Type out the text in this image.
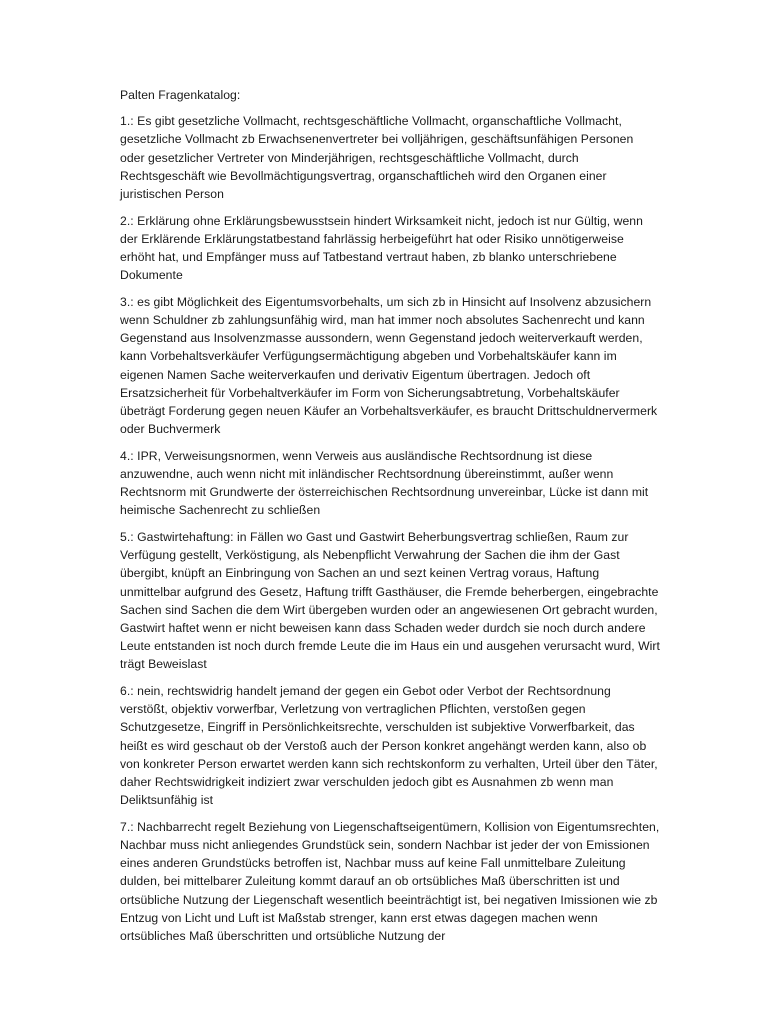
Palten Fragenkatalog:
1.: Es gibt gesetzliche Vollmacht, rechtsgeschäftliche Vollmacht, organschaftliche Vollmacht, gesetzliche Vollmacht zb Erwachsenenvertreter bei volljährigen, geschäftsunfähigen Personen oder gesetzlicher Vertreter von Minderjährigen, rechtsgeschäftliche Vollmacht, durch Rechtsgeschäft wie Bevollmächtigungsvertrag, organschaftlicheh wird den Organen einer juristischen Person
2.: Erklärung ohne Erklärungsbewusstsein hindert Wirksamkeit nicht, jedoch ist nur Gültig, wenn der Erklärende Erklärungstatbestand fahrlässig herbeigeführt hat oder Risiko unnötigerweise erhöht hat, und Empfänger muss auf Tatbestand vertraut haben, zb blanko unterschriebene Dokumente
3.: es gibt Möglichkeit des Eigentumsvorbehalts, um sich zb in Hinsicht auf Insolvenz abzusichern wenn Schuldner zb zahlungsunfähig wird, man hat immer noch absolutes Sachenrecht und kann Gegenstand aus Insolvenzmasse aussondern, wenn Gegenstand jedoch weiterverkauft werden, kann Vorbehaltsverkäufer Verfügungsermächtigung abgeben und Vorbehaltskäufer kann im eigenen Namen Sache weiterverkaufen und derivativ Eigentum übertragen. Jedoch oft Ersatzsicherheit für Vorbehaltverkäufer im Form von Sicherungsabtretung, Vorbehaltskäufer übeträgt Forderung gegen neuen Käufer an Vorbehaltsverkäufer, es braucht Drittschuldnervermerk oder Buchvermerk
4.: IPR, Verweisungsnormen, wenn Verweis aus ausländische Rechtsordnung ist diese anzuwendne, auch wenn nicht mit inländischer Rechtsordnung übereinstimmt, außer wenn Rechtsnorm mit Grundwerte der österreichischen Rechtsordnung unvereinbar, Lücke ist dann mit heimische Sachenrecht zu schließen
5.: Gastwirtehaftung: in Fällen wo Gast und Gastwirt Beherbungsvertrag schließen, Raum zur Verfügung gestellt, Verköstigung, als Nebenpflicht Verwahrung der Sachen die ihm der Gast übergibt, knüpft an Einbringung von Sachen an und sezt keinen Vertrag voraus, Haftung unmittelbar aufgrund des Gesetz, Haftung trifft Gasthäuser, die Fremde beherbergen, eingebrachte Sachen sind Sachen die dem Wirt übergeben wurden oder an angewiesenen Ort gebracht wurden, Gastwirt haftet wenn er nicht beweisen kann dass Schaden weder durdch sie noch durch andere Leute entstanden ist noch durch fremde Leute die im Haus ein und ausgehen verursacht wurd, Wirt trägt Beweislast
6.: nein, rechtswidrig handelt jemand der gegen ein Gebot oder Verbot der Rechtsordnung verstößt, objektiv vorwerfbar, Verletzung von vertraglichen Pflichten, verstoßen gegen Schutzgesetze, Eingriff in Persönlichkeitsrechte, verschulden ist subjektive Vorwerfbarkeit, das heißt es wird geschaut ob der Verstoß auch der Person konkret angehängt werden kann, also ob von konkreter Person erwartet werden kann sich rechtskonform zu verhalten, Urteil über den Täter, daher Rechtswidrigkeit indiziert zwar verschulden jedoch gibt es Ausnahmen zb wenn man Deliktsunfähig ist
7.: Nachbarrecht regelt Beziehung von Liegenschaftseigentümern, Kollision von Eigentumsrechten, Nachbar muss nicht anliegendes Grundstück sein, sondern Nachbar ist jeder der von Emissionen eines anderen Grundstücks betroffen ist, Nachbar muss auf keine Fall unmittelbare Zuleitung dulden, bei mittelbarer Zuleitung kommt darauf an ob ortsübliches Maß überschritten ist und ortsübliche Nutzung der Liegenschaft wesentlich beeinträchtigt ist, bei negativen Imissionen wie zb Entzug von Licht und Luft ist Maßstab strenger, kann erst etwas dagegen machen wenn ortsübliches Maß überschritten und ortsübliche Nutzung der
